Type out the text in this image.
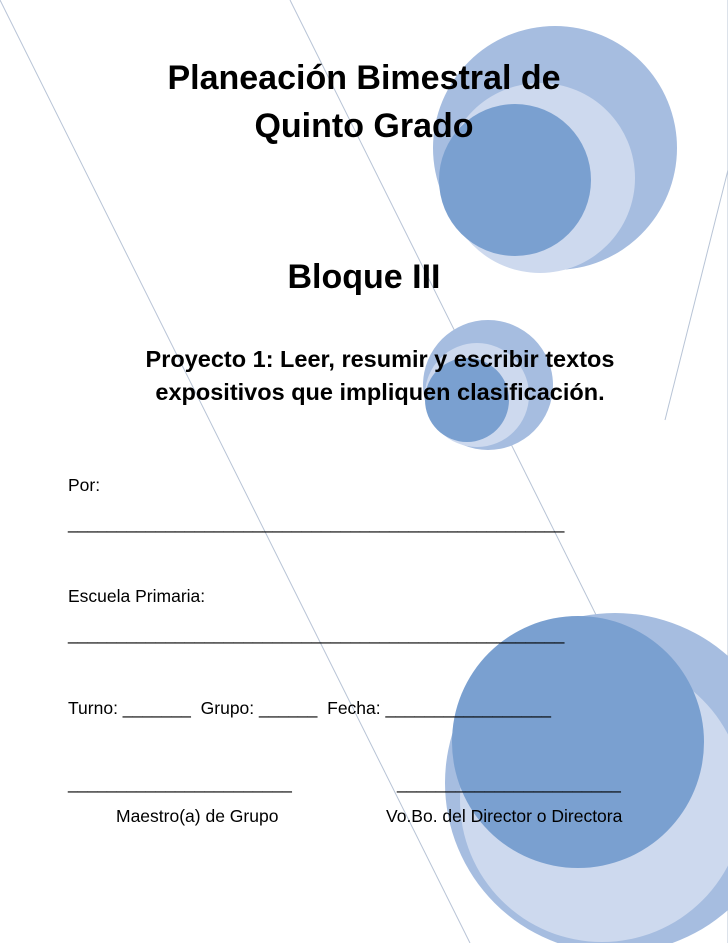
Planeación Bimestral de
Quinto Grado
Bloque III
Proyecto 1: Leer, resumir y escribir textos
expositivos que impliquen clasificación.
Por:
___________________________________________________
Escuela Primaria:
___________________________________________________
Turno: _______  Grupo: ______  Fecha: _________________
_______________________	_______________________
Maestro(a) de Grupo	Vo.Bo. del Director o Directora
